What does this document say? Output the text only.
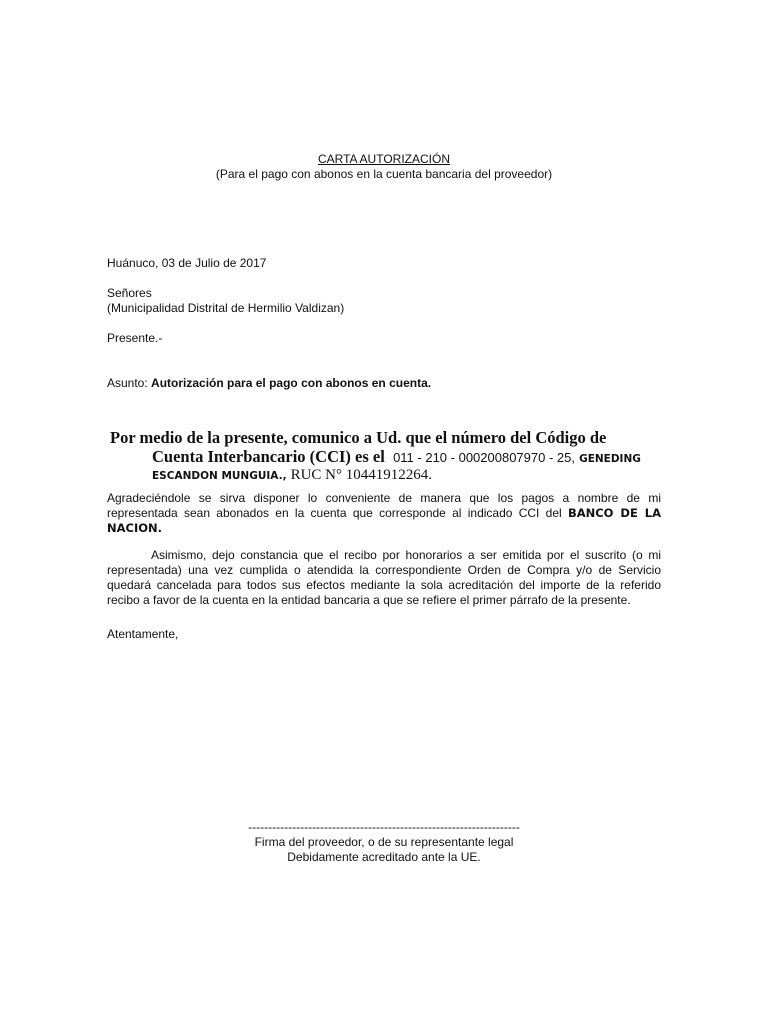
CARTA AUTORIZACIÓN
(Para el pago con abonos en la cuenta bancaria del proveedor)
Huánuco, 03 de Julio de 2017
Señores
(Municipalidad Distrital de Hermilio Valdizan)
Presente.-
Asunto: Autorización para el pago con abonos en cuenta.
Por medio de la presente, comunico a Ud. que el número del Código de
Cuenta Interbancario (CCI) es el 011 - 210 - 000200807970 - 25, GENEDING
ESCANDON MUNGUIA., RUC N° 10441912264.
Agradeciéndole se sirva disponer lo conveniente de manera que los pagos a nombre de mi representada sean abonados en la cuenta que corresponde al indicado CCI del BANCO DE LA NACION.
Asimismo, dejo constancia que el recibo por honorarios a ser emitida por el suscrito (o mi representada) una vez cumplida o atendida la correspondiente Orden de Compra y/o de Servicio quedará cancelada para todos sus efectos mediante la sola acreditación del importe de la referido recibo a favor de la cuenta en la entidad bancaria a que se refiere el primer párrafo de la presente.
Atentamente,
--------------------------------------------------------------------
Firma del proveedor, o de su representante legal
Debidamente acreditado ante la UE.
